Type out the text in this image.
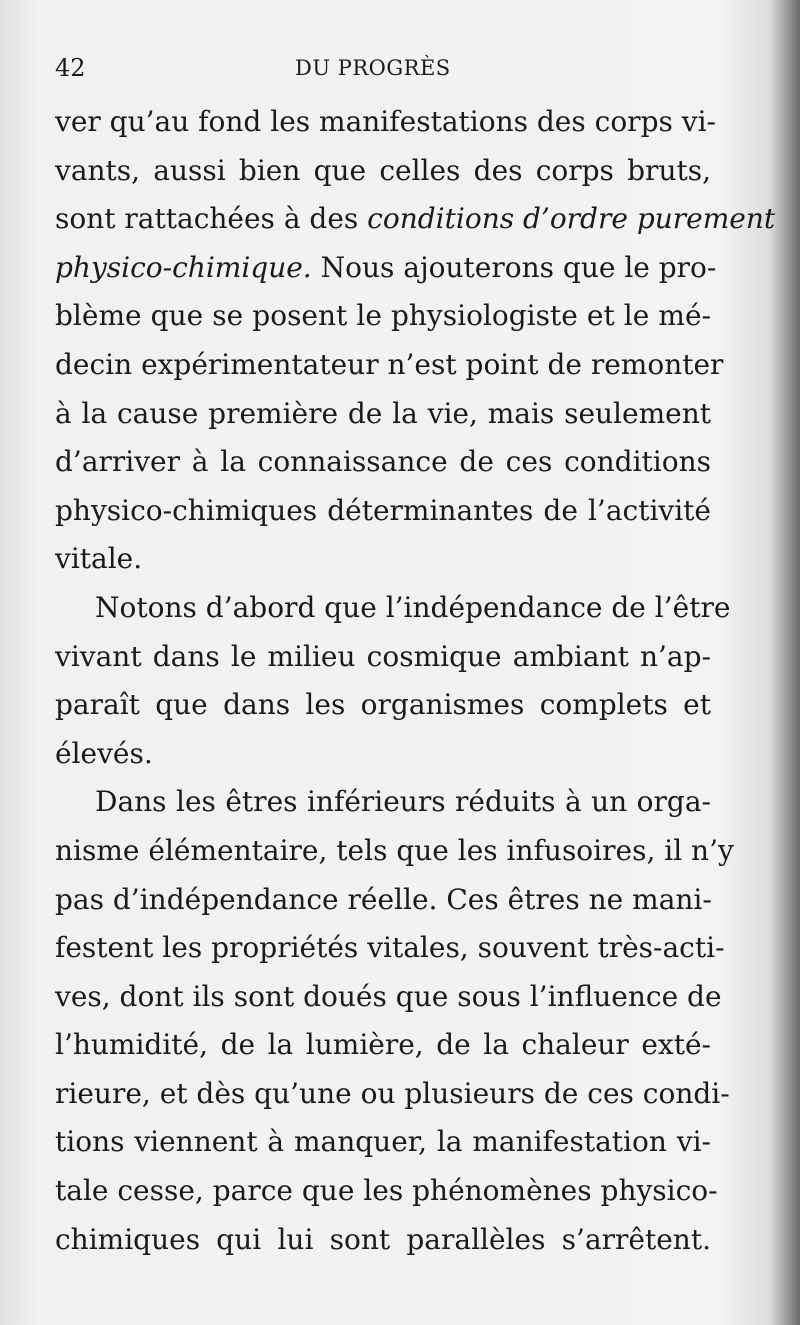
42	DU PROGRÈS
ver qu’au fond les manifestations des corps vi-
vants, aussi bien que celles des corps bruts,
sont rattachées à des conditions d’ordre purement
physico-chimique. Nous ajouterons que le pro-
blème que se posent le physiologiste et le mé-
decin expérimentateur n’est point de remonter
à la cause première de la vie, mais seulement
d’arriver à la connaissance de ces conditions
physico-chimiques déterminantes de l’activité
vitale.
Notons d’abord que l’indépendance de l’être
vivant dans le milieu cosmique ambiant n’ap-
paraît que dans les organismes complets et
élevés.
Dans les êtres inférieurs réduits à un orga-
nisme élémentaire, tels que les infusoires, il n’y
pas d’indépendance réelle. Ces êtres ne mani-
festent les propriétés vitales, souvent très-acti-
ves, dont ils sont doués que sous l’influence de
l’humidité, de la lumière, de la chaleur exté-
rieure, et dès qu’une ou plusieurs de ces condi-
tions viennent à manquer, la manifestation vi-
tale cesse, parce que les phénomènes physico-
chimiques qui lui sont parallèles s’arrêtent.
